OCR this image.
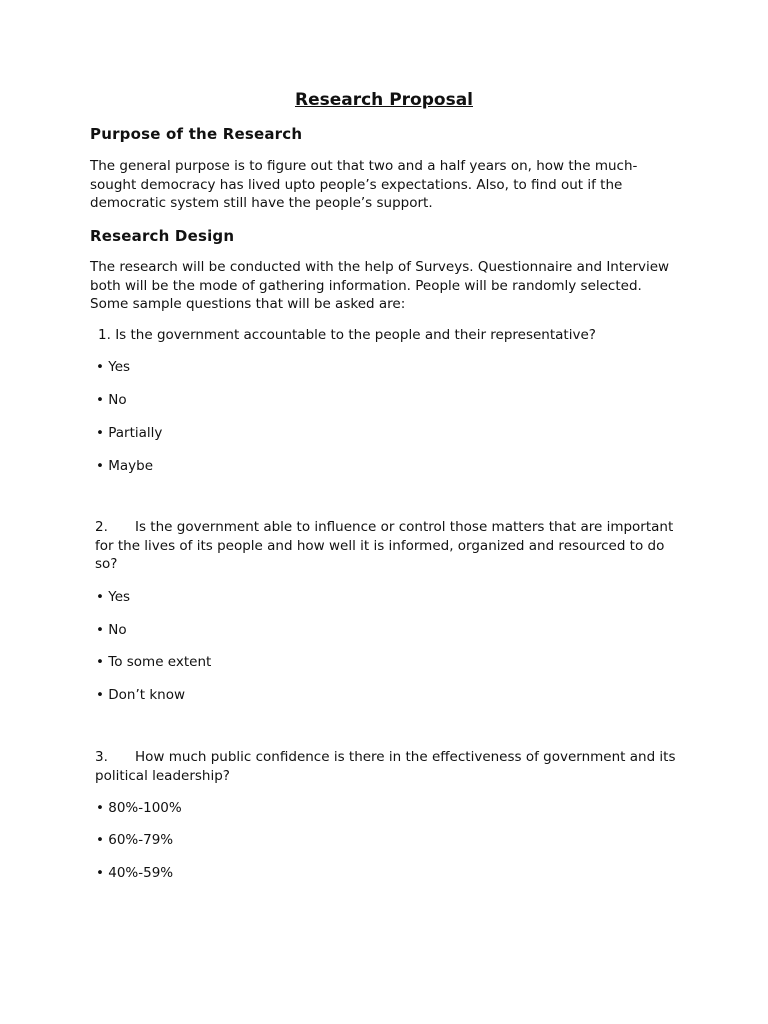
Research Proposal
Purpose of the Research

The general purpose is to figure out that two and a half years on, how the much-sought democracy has lived upto people’s expectations. Also, to find out if the democratic system still have the people’s support.

Research Design

The research will be conducted with the help of Surveys. Questionnaire and Interview both will be the mode of gathering information. People will be randomly selected. Some sample questions that will be asked are:

1. Is the government accountable to the people and their representative?

• Yes

• No

• Partially

• Maybe

2. Is the government able to influence or control those matters that are important for the lives of its people and how well it is informed, organized and resourced to do so?

• Yes

• No

• To some extent

• Don’t know

3. How much public confidence is there in the effectiveness of government and its political leadership?

• 80%-100%

• 60%-79%

• 40%-59%
